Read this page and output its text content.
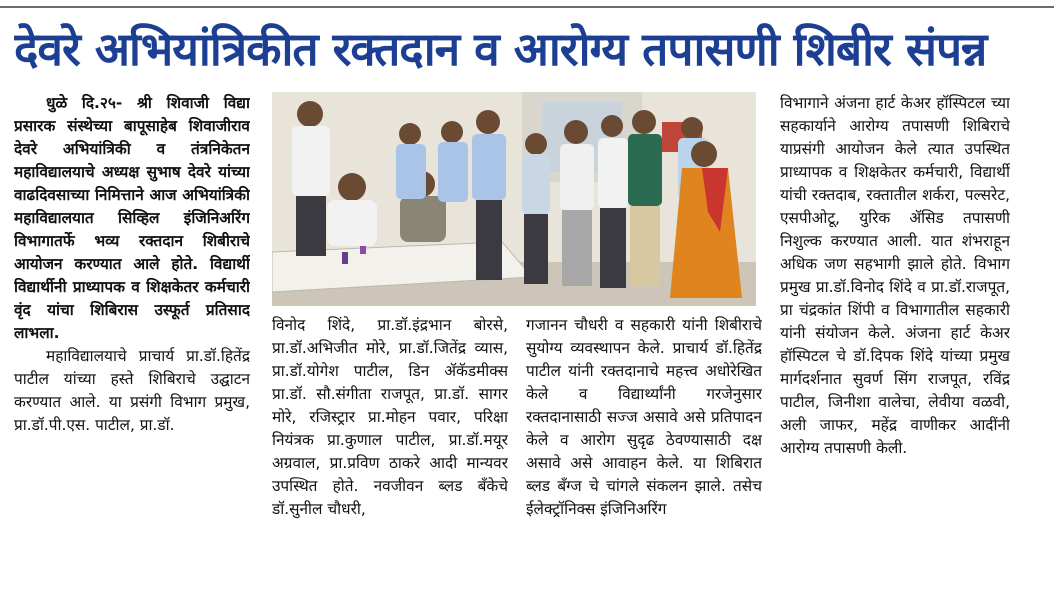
देवरे अभियांत्रिकीत रक्तदान व आरोग्य तपासणी शिबीर संपन्न

धुळे दि.२५- श्री शिवाजी विद्या प्रसारक संस्थेच्या बापूसाहेब शिवाजीराव देवरे अभियांत्रिकी व तंत्रनिकेतन महाविद्यालयाचे अध्यक्ष सुभाष देवरे यांच्या वाढदिवसाच्या निमित्ताने आज अभियांत्रिकी महाविद्यालयात सिव्हिल इंजिनिअरिंग विभागातर्फे भव्य रक्तदान शिबीराचे आयोजन करण्यात आले होते. विद्यार्थी विद्यार्थीनी प्राध्यापक व शिक्षकेतर कर्मचारी वृंद यांचा शिबिरास उस्फूर्त प्रतिसाद लाभला.

महाविद्यालयाचे प्राचार्य प्रा.डॉ.हितेंद्र पाटील यांच्या हस्ते शिबिराचे उद्घाटन करण्यात आले. या प्रसंगी विभाग प्रमुख, प्रा.डॉ.पी.एस. पाटील, प्रा.डॉ.

विनोद शिंदे, प्रा.डॉ.इंद्रभान बोरसे, प्रा.डॉ.अभिजीत मोरे, प्रा.डॉ.जितेंद्र व्यास, प्रा.डॉ.योगेश पाटील, डिन ॲकॅडमीक्स प्रा.डॉ. सौ.संगीता राजपूत, प्रा.डॉ. सागर मोरे, रजिस्ट्रार प्रा.मोहन पवार, परिक्षा नियंत्रक प्रा.कुणाल पाटील, प्रा.डॉ.मयूर अग्रवाल, प्रा.प्रविण ठाकरे आदी मान्यवर उपस्थित होते. नवजीवन ब्लड बँकेचे डॉ.सुनील चौधरी,

गजानन चौधरी व सहकारी यांनी शिबीराचे सुयोग्य व्यवस्थापन केले. प्राचार्य डॉ.हितेंद्र पाटील यांनी रक्तदानाचे महत्त्व अधोरेखित केले व विद्यार्थ्यांनी गरजेनुसार रक्तदानासाठी सज्ज असावे असे प्रतिपादन केले व आरोग सुदृढ ठेवण्यासाठी दक्ष असावे असे आवाहन केले. या शिबिरात ब्लड बँग्ज चे चांगले संकलन झाले. तसेच ईलेक्ट्रॉनिक्स इंजिनिअरिंग

विभागाने अंजना हार्ट केअर हॉस्पिटल च्या सहकार्याने आरोग्य तपासणी शिबिराचे याप्रसंगी आयोजन केले त्यात उपस्थित प्राध्यापक व शिक्षकेतर कर्मचारी, विद्यार्थी यांची रक्तदाब, रक्तातील शर्करा, पल्सरेट, एसपीओटू, युरिक ॲसिड तपासणी निशुल्क करण्यात आली. यात शंभराहून अधिक जण सहभागी झाले होते. विभाग प्रमुख प्रा.डॉ.विनोद शिंदे व प्रा.डॉ.राजपूत, प्रा चंद्रकांत शिंपी व विभागातील सहकारी यांनी संयोजन केले. अंजना हार्ट केअर हॉस्पिटल चे डॉ.दिपक शिंदे यांच्या प्रमुख मार्गदर्शनात सुवर्ण सिंग राजपूत, रविंद्र पाटील, जिनीशा वालेचा, लेवीया वळवी, अली जाफर, महेंद्र वाणीकर आदींनी आरोग्य तपासणी केली.
